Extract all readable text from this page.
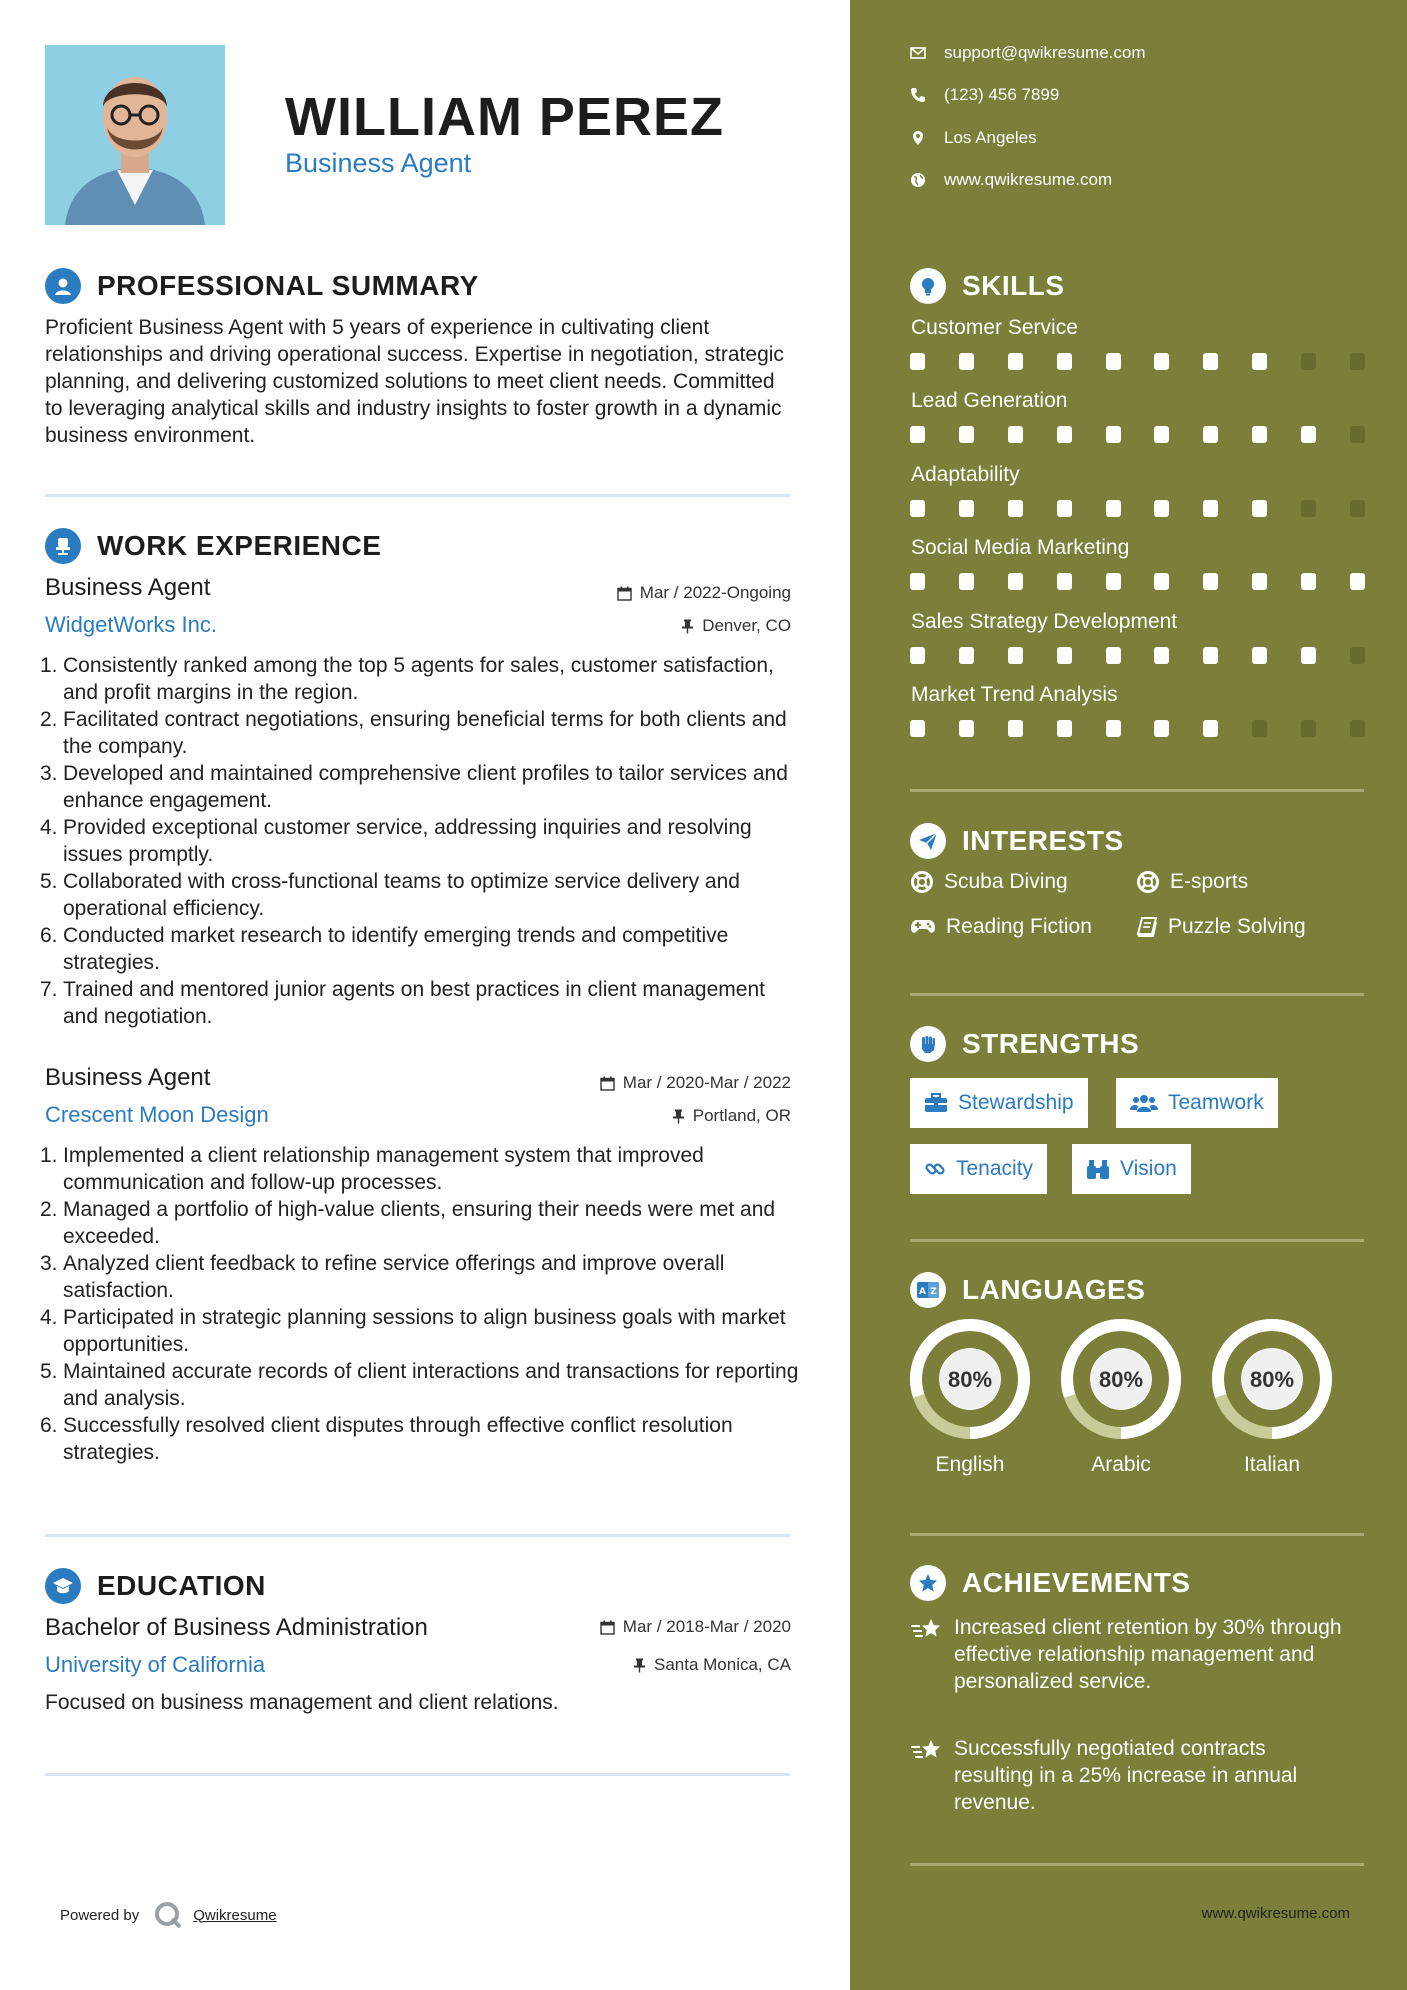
WILLIAM PEREZ
Business Agent
PROFESSIONAL SUMMARY
Proficient Business Agent with 5 years of experience in cultivating client relationships and driving operational success. Expertise in negotiation, strategic planning, and delivering customized solutions to meet client needs. Committed to leveraging analytical skills and industry insights to foster growth in a dynamic business environment.
WORK EXPERIENCE
Business Agent	Mar / 2022-Ongoing
WidgetWorks Inc.	Denver, CO
1. Consistently ranked among the top 5 agents for sales, customer satisfaction, and profit margins in the region.
2. Facilitated contract negotiations, ensuring beneficial terms for both clients and the company.
3. Developed and maintained comprehensive client profiles to tailor services and enhance engagement.
4. Provided exceptional customer service, addressing inquiries and resolving issues promptly.
5. Collaborated with cross-functional teams to optimize service delivery and operational efficiency.
6. Conducted market research to identify emerging trends and competitive strategies.
7. Trained and mentored junior agents on best practices in client management and negotiation.
Business Agent	Mar / 2020-Mar / 2022
Crescent Moon Design	Portland, OR
1. Implemented a client relationship management system that improved communication and follow-up processes.
2. Managed a portfolio of high-value clients, ensuring their needs were met and exceeded.
3. Analyzed client feedback to refine service offerings and improve overall satisfaction.
4. Participated in strategic planning sessions to align business goals with market opportunities.
5. Maintained accurate records of client interactions and transactions for reporting and analysis.
6. Successfully resolved client disputes through effective conflict resolution strategies.
EDUCATION
Bachelor of Business Administration	Mar / 2018-Mar / 2020
University of California	Santa Monica, CA
Focused on business management and client relations.
Powered by	Qwikresume
support@qwikresume.com
(123) 456 7899
Los Angeles
www.qwikresume.com
SKILLS
Customer Service
Lead Generation
Adaptability
Social Media Marketing
Sales Strategy Development
Market Trend Analysis
INTERESTS
Scuba Diving	E-sports
Reading Fiction	Puzzle Solving
STRENGTHS
Stewardship	Teamwork
Tenacity	Vision
A Z LANGUAGES
80%	80%	80%
English	Arabic	Italian
ACHIEVEMENTS
Increased client retention by 30% through effective relationship management and personalized service.
Successfully negotiated contracts resulting in a 25% increase in annual revenue.
www.qwikresume.com
